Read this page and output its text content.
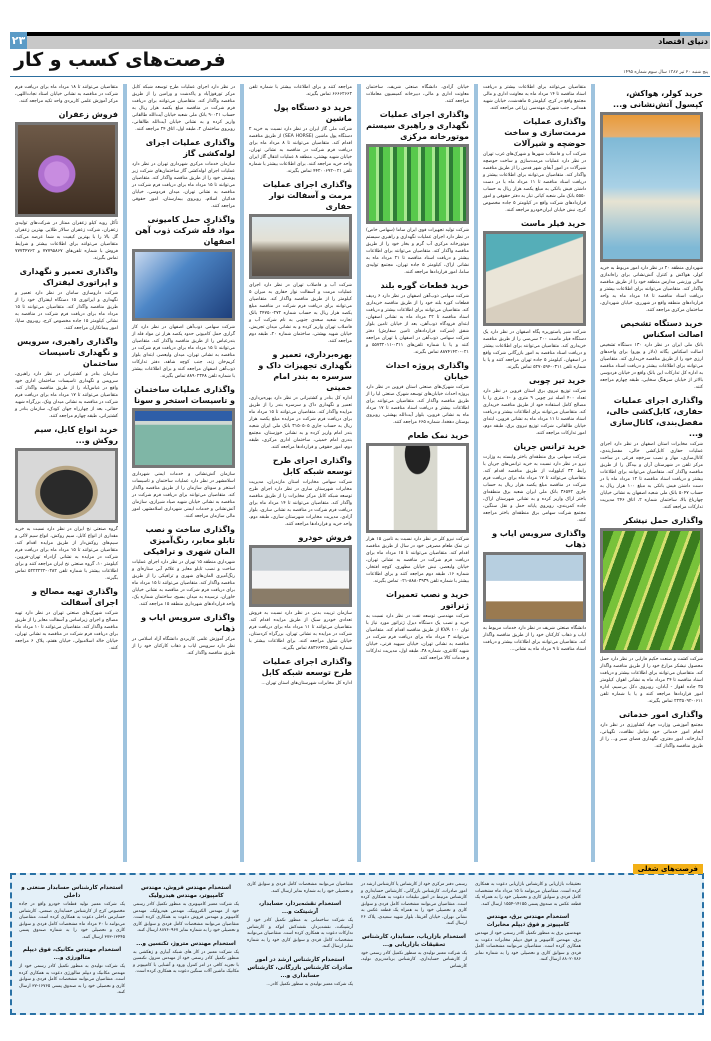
۲۳	دنیای اقتصاد
فرصت‌های کسب و کار
پنج شنبه ۲۰ تیر ۱۳۸۷ سال سوم شماره ۱۴۹۵
خرید کولر، هواکش، کپسول آتش‌نشانی و...
شهرداری منطقه ۲۰ در نظر دارد امور مربوط به خرید کولر، هواکش و کنترل آتش‌نشانی برای راه‌اندازی سالن ورزشی مدارس منطقه خود را از طریق مناقصه واگذار کند. متقاضیان می‌توانند برای اطلاعات بیشتر و دریافت اسناد مناقصه تا ۱۸ مرداد ماه به واحد قراردادهای منطقه واقع در شهرری، خیابان شهرداری، ساختمان مرکزی مراجعه کنند.
خرید دستگاه تشخیص اصالت اسکناس
بانک ملی ایران در نظر دارد ۱۳۰ دستگاه تشخیص اصالت اسکناس یگانه (دلار و یورو) برای واحدهای ارزی خود را از طریق مناقصه خریداری کند. متقاضیان می‌توانند برای اطلاعات بیشتر و دریافت اسناد مناقصه به اداره کل تدارکات این بانک واقع در خیابان فردوسی بالاتر از خیابان سرهنگ سخایی، طبقه چهارم مراجعه کنند.
واگذاری اجرای عملیات حفاری، کابل‌کشی خالی، مفصل‌بندی، کانال‌سازی و...
شرکت مخابرات استان اصفهان در نظر دارد اجرای عملیات حفاری کابل‌کشی خالی، مفصل‌بندی، کانال‌سازی، مهار و نصب سرخچه فرعی در ساخت مرکز تلفن در شهرستان آران و بیدگل را از طریق مناقصه واگذار کند. متقاضیان می‌توانند برای اطلاعات بیشتر و دریافت اسناد مناقصه تا ۱۲ مرداد ماه با در دست داشتن فیش بانکی به مبلغ ۱۰۰ هزار ریال به حساب ۵۰۴۷ بانک ملی شعبه اصفهان به نشانی خیابان چهارباغ بالا، ساختمان شماره ۲، اتاق ۲۴۶ مدیریت تدارکات مراجعه کنند.
واگذاری حمل نیشکر
شرکت کشت و صنعت حکیم فارابی در نظر دارد حمل محصول نیشکر مزارع خود را از طریق مناقصه واگذار کند. متقاضیان می‌توانند برای اطلاعات بیشتر و دریافت اسناد مناقصه تا ۲۴ مرداد ماه به نشانی اهواز، کیلومتر ۳۵ جاده اهواز - آبادان، روبروی دکل بی‌سیم، اداره امور قراردادها مراجعه کنند و یا با شماره تلفن ۰۶۱۱-۲۲۳۵۰۹۲ تماس بگیرند.
واگذاری امور خدماتی
مجتمع آموزشی وزارت جهاد کشاورزی در نظر دارد انجام امور خدماتی خود شامل نظافت، نگهبانی، آبدارخانه، امور دفتری، نگهداری فضای سبز و... را از طریق مناقصه واگذار کند.
متقاضیان می‌توانند برای اطلاعات بیشتر و دریافت اسناد مناقصه تا ۱۴ مرداد ماه به معاونت اداری و مالی مجتمع واقع در کرج، کیلومتر ۵ ماهدشت، خیابان شهید همدانی، جنب شهرک مهندسی زراعی مراجعه کنند.
واگذاری عملیات مرمت‌سازی و ساخت حوضچه و شیرآلات
شرکت آب و فاضلاب شهرها و شهرک‌های غرب تهران در نظر دارد عملیات مرمت‌سازی و ساخت حوضچه شیرآلات در امور آبفای شهر قدس را از طریق مناقصه واگذار کند. متقاضیان می‌توانند برای اطلاعات بیشتر و دریافت اسناد مناقصه تا ۱۱ مرداد ماه با در دست داشتن فیش بانکی به مبلغ یکصد هزار ریال به حساب ۵۵۵۰ بانک ملی شعبه کیانی تبار به دفتر حقوقی و امور قراردادهای شرکت واقع در کیلومتر ۵ جاده مخصوص کرج، نبش خیابان ایران‌خودرو مراجعه کنند.
خرید فیلر ماست
شرکت شیر پاستوریزه پگاه اصفهان در نظر دارد یک دستگاه فیلر ماست ۲۰۰ سی‌سی را از طریق مناقصه خریداری کند. متقاضیان می‌توانند برای اطلاعات بیشتر و دریافت اسناد مناقصه به امور بازرگانی شرکت واقع در اصفهان، کیلومتر ۵ جاده تهران مراجعه کنند و یا با شماره تلفن ۰۳۱۱-۵۲۷۰۵۹۴ تماس بگیرند.
خرید تیر چوبی
شرکت توزیع نیروی برق استان قزوین در نظر دارد تعداد ۴۰۰ اصله تیر چوبی ۹ متری و ۱۰ متری را با مصالح کامل استفاده خود از طریق مناقصه خریداری کند. متقاضیان می‌توانند برای اطلاعات بیشتر و دریافت اسناد مناقصه تا ۱۱ مرداد ماه به نشانی قزوین، ابتدای خیابان طالقانی، شرکت توزیع نیروی برق، طبقه دوم، امور تدارکات مراجعه کنند.
خرید ترانس جریان
شرکت سهامی برق منطقه‌ای باختر وابسته به وزارت نیرو در نظر دارد نسبت به خرید ترانس‌های جریان با رابط ۳۳ کیلوولت از طریق مناقصه اقدام کند. متقاضیان می‌توانند تا ۱۷ مرداد ماه برای دریافت فرم شرکت در مناقصه مبلغ یکصد هزار ریال به حساب جاری ۳۶۵۴۲ بانک ملی ایران شعبه برق منطقه‌ای باختر اراک واریز کرده و به نشانی شهرستان اراک، جاده کمربندی، روبروی پایانه حمل و نقل سنگین، مجتمع شرکت سهامی برق منطقه‌ای باختر مراجعه کنند.
واگذاری سرویس ایاب و ذهاب
دانشگاه صنعتی شریف در نظر دارد خدمات مربوط به ایاب و ذهاب کارکنان خود را از طریق مناقصه واگذار کند. متقاضیان می‌توانند برای اطلاعات بیشتر و دریافت اسناد مناقصه تا ۹ مرداد ماه به نشانی...
خیابان آزادی، دانشگاه صنعتی شریف، ساختمان معاونت اداری و مالی، دبیرخانه کمیسیون معاملات مراجعه کنند.
واگذاری اجرای عملیات نگهداری و راهبری سیستم موتورخانه مرکزی
شرکت تولید تجهیزات قوی ایران ساما (سهامی خاص) در نظر دارد اجرای عملیات نگهداری و راهبری سیستم موتورخانه مرکزی آب گرم و بخار خود را از طریق مناقصه واگذار کند. متقاضیان می‌توانند برای اطلاعات بیشتر و دریافت اسناد مناقصه تا ۲۱ مرداد ماه به نشانی اراک، کیلومتر ۵ جاده تهران، مجتمع تولیدی ساما، امور قراردادها مراجعه کنند.
خرید قطعات گوره بلند
شرکت سهامی ذوب‌آهن اصفهان در نظر دارد ۶ ردیف قطعات کوره بلند خود را از طریق مناقصه خریداری کند. متقاضیان می‌توانند برای اطلاعات بیشتر و دریافت اسناد مناقصه تا ۲۲ مرداد ماه به نشانی اصفهان، ابتدای فرودگاه ذوب‌آهن، بعد از خیابان تامین بلوار شفق (شرکت قراردادهای تامین سفارش) دفتر شرکت سهامی ذوب‌آهن در اصفهان یا تهران مراجعه کنند و یا با شماره تلفن‌های ۰۳۱۱-۵۵۷۳۲۰۱۱ و ۰۲۱-۸۸۷۴۱۴۲۰ تماس بگیرند.
واگذاری پروژه احداث خیابان
شرکت شهرک‌های صنعتی استان قزوین در نظر دارد پروژه احداث خیابان‌های توسعه شهرک صنعتی لیا را از طریق مناقصه واگذار کند. متقاضیان می‌توانند برای اطلاعات بیشتر و دریافت اسناد مناقصه تا ۱۷ مرداد ماه به نشانی قزوین، بلوار آیت‌الله بهشتی، روبروی بوستان دهخدا، شماره ۶۶۵ مراجعه کنند.
خرید نمک طعام
شرکت نیرو کلر در نظر دارد نسبت به تامین ۱۵ هزار تن نمک طعام مصرفی خود در سال از طریق مناقصه اقدام کند. متقاضیان می‌توانند تا ۱۵ مرداد ماه برای دریافت فرم شرکت در مناقصه به نشانی تهران، خیابان ولیعصر، نبش خیابان مطهری، کوچه افتخار، شماره ۱۶، طبقه دوم مراجعه کنند و برای اطلاعات بیشتر با شماره تلفن ۸۸۸۰۳۹۳۹-۰۲۱ تماس بگیرند.
خرید و نصب تعمیرات ژنراتور
شرکت مهندسی توسعه نفت در نظر دارد نسبت به خرید و نصب یک دستگاه دیزل ژنراتور مورد نیاز با توان KVA ۱۰۰ از طریق مناقصه اقدام کند. متقاضیان می‌توانند ۳ مرداد ماه برای دریافت فرم شرکت در مناقصه به نشانی تهران، خیابان سپهبد قرنی، خیابان شهید کلانتری، شماره ۳۸، طبقه اول، مدیریت تدارکات و خدمات کالا مراجعه کنند.
مراجعه کنند و برای اطلاعات بیشتر با شماره تلفن ۶۶۶۶۲۶۶۲ تماس بگیرند.
خرید دو دستگاه پول ماشین
شرکت ملی گاز ایران در نظر دارد نسبت به خرید ۲ دستگاه پول ماشین (SEA HORSE) از طریق مناقصه اقدام کند. متقاضیان می‌توانند تا ۸ مرداد ماه برای دریافت فرم شرکت در مناقصه به نشانی تهران، خیابان شهید بهشتی، منطقه ۸ عملیات انتقال گاز ایران واحد خرید مراجعه کنند. برای اطلاعات بیشتر با شماره تلفن ۰۲۱-۴۴۲۰۰۶۹۲ تماس بگیرند.
واگذاری اجرای عملیات مرمت و آسفالت نوار حفاری
شرکت آب و فاضلاب تهران در نظر دارد اجرای عملیات مرمت و آسفالت نوار حفاری به میزان ۵ کیلومتر را از طریق مناقصه واگذار کند. متقاضیان می‌توانند برای دریافت فرم شرکت در مناقصه مبلغ یکصد هزار ریال به حساب شماره ۲۷۲-۲۴۷۵۰ بانک تجارت شعبه سعدی جنوبی به نام شرکت آب و فاضلاب تهران واریز کرده و به نشانی میدان تجریش، خیابان شهید بهشتی، ساختمان شماره ۲۰، طبقه دوم مراجعه کنند.
بهره‌برداری، تعمیر و نگهداری تجهیزات داک و سرسره به بندر امام خمینی
اداره کل بنادر و کشتیرانی در نظر دارد بهره‌برداری، تعمیر و نگهداری داک و سرسره بندر را از طریق مزایده واگذار کند. متقاضیان می‌توانند تا ۱۵ مرداد ماه برای دریافت فرم شرکت در مزایده مبلغ یکصد هزار ریال به حساب جاری ۳۱۵۰۵۰۵ بانک ملی ایران شعبه بندر امام واریز کرده و به نشانی خوزستان، مجتمع بندری امام خمینی، ساختمان اداری مرکزی، طبقه دوم، امور حقوقی و قراردادها مراجعه کنند.
واگذاری اجرای طرح توسعه شبکه کابل
شرکت سهامی مخابرات استان مازندران، مدیریت مخابرات شهرستان ساری در نظر دارد اجرای طرح توسعه شبکه کابل مرکز مخابرات را از طریق مناقصه واگذار کند. متقاضیان می‌توانند تا ۱۴ مرداد ماه برای دریافت فرم شرکت در مناقصه به نشانی ساری، بلوار آزادی، مدیریت مخابرات شهرستان ساری، طبقه دوم، واحد خرید و قراردادها مراجعه کنند.
فروش خودرو
سازمان تربیت بدنی در نظر دارد نسبت به فروش تعدادی خودرو سبک از طریق مزایده اقدام کند. متقاضیان می‌توانند تا ۱۱ مرداد ماه برای دریافت فرم شرکت در مزایده به نشانی تهران، بزرگراه کردستان، خیابان سئول مراجعه کنند. برای اطلاعات بیشتر با شماره تلفن ۸۸۳۶۶۴۲۵ تماس بگیرند.
واگذاری اجرای عملیات طرح توسعه شبکه کابل
اداره کل مخابرات شهرستان‌های استان تهران...
در نظر دارد اجرای عملیات طرح توسعه شبکه کابل مرکز تورقوزآباد و پاکدشت و ورامین را از طریق مناقصه واگذار کند. متقاضیان می‌توانند برای دریافت فرم شرکت در مناقصه مبلغ یکصد هزار ریال به حساب ۹۰۰۲۱ بانک ملی شعبه خیابان آیت‌الله طالقانی واریز کرده و به نشانی خیابان آیت‌الله طالقانی، روبروی ساختمان ۲، طبقه اول، اتاق ۲۴ مراجعه کنند.
واگذاری عملیات اجرای لوله‌کشی گاز
سازمان خدمات مرکزی شهرداری تهران در نظر دارد عملیات اجرای لوله‌کشی گاز ساختمان‌های شرکت زیر پوشش خود را از طریق مناقصه واگذار کند. متقاضیان می‌توانند تا ۱۵ مرداد ماه برای دریافت فرم شرکت در مناقصه به نشانی تهران، میدان فردوسی، خیابان فدائیان اسلام، روبروی بیمارستان، امور حقوقی مراجعه کنند.
واگذاری حمل کامیونی مواد قلّه شرکت ذوب آهن اصفهان
شرکت سهامی ذوب‌آهن اصفهان در نظر دارد کار گزاری حمل کامیونی حدود یکصد هزار تن مواد قله از بندرعباس را از طریق مناقصه واگذار کند. متقاضیان می‌توانند تا ۱۵ مرداد ماه برای دریافت فرم شرکت در مناقصه به نشانی تهران، میدان ولیعصر، ابتدای بلوار کریم‌خان زند، جنب کوچه شاهد، دفتر تدارکات ذوب‌آهن اصفهان مراجعه کنند و برای اطلاعات بیشتر با شماره تلفن ۸۸۹۰۲۳۴۸ تماس بگیرند.
واگذاری عملیات ساختمان و تاسیسات استخر و سونا
سازمان آتش‌نشانی و خدمات ایمنی شهرداری اسلامشهر در نظر دارد عملیات ساختمان و تاسیسات استخر و سونای سازمان را از طریق مناقصه واگذار کند. متقاضیان می‌توانند برای دریافت فرم شرکت در مناقصه به نشانی خیابان شهید صیاد شیرازی، سازمان آتش‌نشانی و خدمات ایمنی شهرداری اسلامشهر، امور مالی سازمان مراجعه کنند.
واگذاری ساخت و نصب تابلو معابر، رنگ‌آمیزی المان شهری و ترافیکی
شهرداری منطقه ۱۵ تهران در نظر دارد اجرای عملیات ساخت و نصب تابلو معابر و علائم آبی ستاره‌ای و رنگ‌آمیزی المان‌های شهری و ترافیکی را از طریق مناقصه واگذار کند. متقاضیان می‌توانند تا ۱۵ مرداد ماه برای دریافت فرم شرکت در مناقصه به نشانی خیابان خاوران، نرسیده به میدان بسیج، ساختمان شماره یک، واحد قراردادهای شهرداری منطقه ۱۵ مراجعه کنند.
واگذاری سرویس ایاب و ذهاب
مرکز آموزش علمی کاربردی دانشگاه آزاد اسلامی در نظر دارد سرویس ایاب و ذهاب کارکنان خود را از طریق مناقصه واگذار کند.
متقاضیان می‌توانند تا ۱۸ مرداد ماه برای دریافت فرم شرکت در مناقصه به نشانی خیابان استاد نجات‌اللهی، مرکز آموزش علمی کاربردی واحد تکیه مراجعه کنند.
فروش زعفران
تأکل رویه کیلو زعفران ممتاز در شرکت‌های تولیدی زعفران، شرکت زعفران سالار طلایی بهترین زعفران گل بالا را با بهترین کیفیت به شما عرضه می‌کند. متقاضیان می‌توانند برای اطلاعات بیشتر و شرایط فروش با شماره تلفن‌های ۷۷۷۹۵۸۶۷ و ۷۷۷۳۴۷۶۲ تماس بگیرند.
واگذاری تعمیر و نگهداری و اپراتوری لیفتراک
شرکت داروسازی سامان در نظر دارد تعمیر و نگهداری و اپراتوری ۱۵ دستگاه لیفتراک خود را از طریق مناقصه واگذار کند. متقاضیان می‌توانند تا ۱۵ مرداد ماه برای دریافت فرم شرکت در مناقصه به نشانی کیلومتر ۱۵ جاده مخصوص کرج، روبروی ساپا، امور پیمانکاران مراجعه کنند.
واگذاری راهبری، سرویس و نگهداری تاسیسات ساختمان
سازمان بنادر و کشتیرانی در نظر دارد راهبری، سرویس و نگهداری تاسیسات ساختمان اداری خود واقع در عباس‌آباد را از طریق مناقصه واگذار کند. متقاضیان می‌توانند تا ۱۷ مرداد ماه برای دریافت فرم شرکت در مناقصه به نشانی میدان ونک، بزرگراه شهید حقانی، بعد از چهارراه جهان کودک، سازمان بنادر و کشتیرانی، طبقه چهارم مراجعه کنند.
خرید انواع کابل، سیم روکش و...
گروه صنعتی نخ ایران در نظر دارد نسبت به خرید مقداری از انواع کابل، سیم روکش، انواع سیم لاکی و سیم‌های روکش‌دار از طریق مزایده اقدام کند. متقاضیان می‌توانند تا ۱۵ مرداد ماه برای دریافت فرم شرکت در مزایده به نشانی آزادراه تهران-قزوین، کیلومتر ۱۰، گروه صنعتی نخ ایران مراجعه کنند و برای اطلاعات بیشتر با شماره تلفن ۰۲۸۲-۵۲۲۲۲۲۲ تماس بگیرند.
واگذاری تهیه مصالح و اجرای آسفالت
شرکت شهرک‌های صنعتی تهران در نظر دارد تهیه مصالح و اجرای زیراساس و آسفالت معابر را از طریق مناقصه واگذار کند. متقاضیان می‌توانند تا ۱۰ مرداد ماه برای دریافت فرم شرکت در مناقصه به نشانی تهران، خیابان خالد اسلامبولی، خیابان هفتم، پلاک ۶ مراجعه کنند.
فرصت‌های شغلی
استخدام کارشناس حسابدار صنعتی و داخلی
یک شرکت معتبر تولید قطعات خودرو واقع در جاده مخصوص کرج از کارشناس حسابداری صنعتی، کارشناس حسابرس داخلی دعوت به همکاری کرده است. متقاضیان می‌توانند تا ۳۰ مرداد ماه مشخصات کامل فردی و سوابق کاری و تحصیلی خود را به شماره صندوق پستی ۱۳۴۴۵-۳۷۳ ارسال کنند.
استخدام مهندس مکانیک، فوق دیپلم متالورژی و...
یک شرکت تولیدی به منظور تکمیل کادر رسمی خود از مهندس مکانیک و دیپلم متالورژی دعوت به همکاری کرده است. متقاضیان می‌توانند مشخصات کامل فردی و سوابق کاری و تحصیلی خود را به صندوق پستی ۱۶۷۶۵-۳۷ ارسال کنند.
استخدام مهندس فروش، مهندس کامپیوتر، مهندس هیدرولیک
یک شرکت معتبر کامپیوتری به منظور تکمیل کادر رسمی خود از مهندس الکترونیک، مهندس هیدرولیک، مهندس کامپیوتر و مهندس فروش دعوت به همکاری کرده است. متقاضیان می‌توانند مشخصات کامل فردی و سوابق کاری و تحصیلی خود را به شماره نمابر ۸۸۷۶۰۹۶۷ ارسال کنند.
استخدام مهندس متروژ، تکنسین و...
یک شرکت معتبر در کار های شبکه آبیاری و زهکشی به منظور تکمیل کادر رسمی خود از مهندس متروژ، تکنسین با تجربه کافی در امر کنترل ورود و آشنایی با کامپیوتر و مکانیک ماشین آلات سنگین دعوت به همکاری کرده است.
متقاضیان می‌توانند مشخصات کامل فردی و سوابق کاری و تحصیلی خود را به شماره نمابر ارسال کنند.
استخدام نقشه‌بردار، حسابدار، آرشیتکت و...
یک شرکت ساختمانی به منظور تکمیل کادر خود از آرشیتکت، نقشه‌بردار، نقشه‌کش اتوکد و کارشناس تدارکات دعوت به همکاری کرده است. متقاضیان می‌توانند مشخصات کامل فردی و سوابق کاری خود را به شماره نمابر ارسال کنند.
استخدام کارشناس ارشد در امور صادرات کارشناس بازرگانی، کارشناس حسابداری و...
یک شرکت معتبر تولیدی به منظور تکمیل کادر...
رسمی دفتر مرکزی خود از کارشناس یا کارشناس ارشد در امور صادرات، کارشناس بازرگانی، کارشناس حسابداری و کارشناس مرتبط در امور تبلیغات دعوت به همکاری کرده است. متقاضیان می‌توانند مشخصات کامل فردی و سوابق کاری و تحصیلی خود را به همراه یک قطعه عکس به نشانی تهران، خیابان آفریقا، بلوار شهید سعیدی، پلاک ۲۶ ارسال کنند.
استخدام بازاریاب، حسابدار، کارشناس تحقیقات بازاریابی و...
یک شرکت معتبر تولیدی به منظور تکمیل کادر رسمی خود از کارشناس حسابداری، کارشناس برنامه‌ریزی تولید، کارشناس
تحقیقات بازاریابی و کارشناس بازاریابی دعوت به همکاری کرده است. متقاضیان می‌توانند تا ۱۵ مرداد ماه مشخصات کامل فردی و سوابق کاری و تحصیلی خود را به همراه یک قطعه عکس به صندوق پستی ۱۴۱۵۵-۱۵۵۴ ارسال کنند.
استخدام مهندس برق، مهندس کامپیوتر و فوق دیپلم مخابرات
مهندسین برق به منظور تکمیل کادر رسمی خود از مهندس برق، مهندس کامپیوتر و فوق دیپلم مخابرات دعوت به همکاری کرده است. متقاضیان می‌توانند مشخصات کامل فردی و سوابق کاری و تحصیلی خود را به شماره نمابر ۸۸۰۲۰۷۸۶ ارسال کنند.
